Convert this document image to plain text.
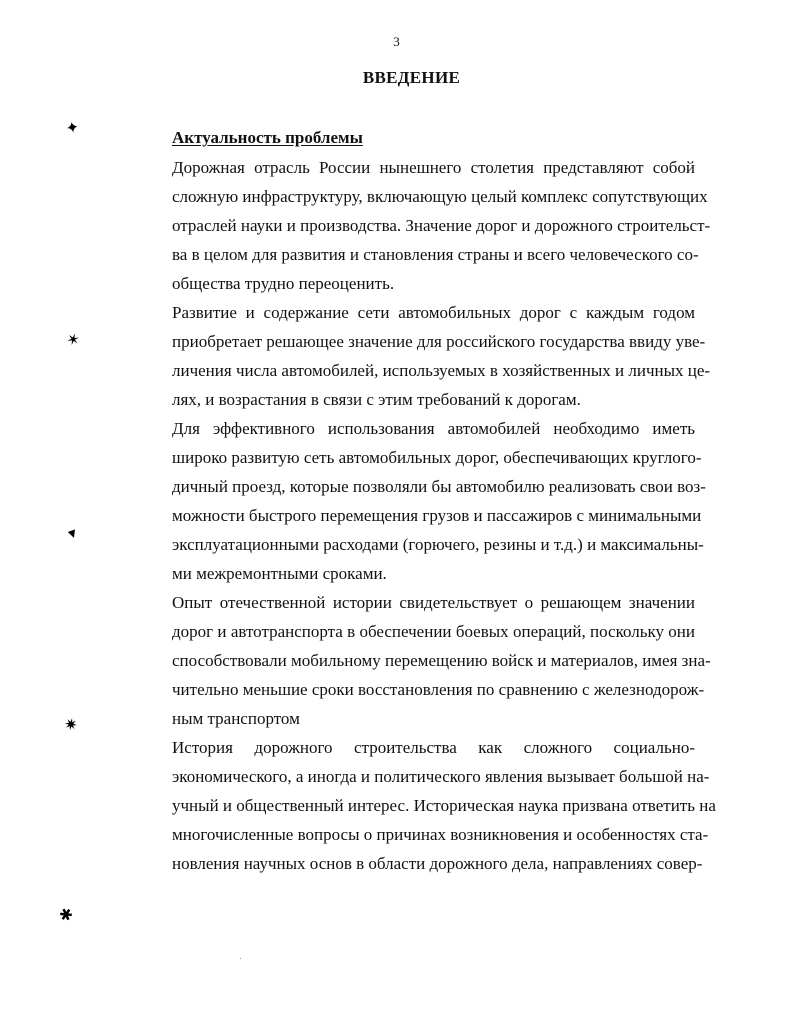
3
ВВЕДЕНИЕ
Актуальность проблемы

Дорожная отрасль России нынешнего столетия представляют собой
сложную инфраструктуру, включающую целый комплекс сопутствующих
отраслей науки и производства. Значение дорог и дорожного строительст-
ва в целом для развития и становления страны и всего человеческого со-
общества трудно переоценить.

Развитие и содержание сети автомобильных дорог с каждым годом
приобретает решающее значение для российского государства ввиду уве-
личения числа автомобилей, используемых в хозяйственных и личных це-
лях, и возрастания в связи с этим требований к дорогам.

Для эффективного использования автомобилей необходимо иметь
широко развитую сеть автомобильных дорог, обеспечивающих круглого-
дичный проезд, которые позволяли бы автомобилю реализовать свои воз-
можности быстрого перемещения грузов и пассажиров с минимальными
эксплуатационными расходами (горючего, резины и т.д.) и максимальны-
ми межремонтными сроками.

Опыт отечественной истории свидетельствует о решающем значении
дорог и автотранспорта в обеспечении боевых операций, поскольку они
способствовали мобильному перемещению войск и материалов, имея зна-
чительно меньшие сроки восстановления по сравнению с железнодорож-
ным транспортом

История дорожного строительства как сложного социально-
экономического, а иногда и политического явления вызывает большой на-
учный и общественный интерес. Историческая наука призвана ответить на
многочисленные вопросы о причинах возникновения и особенностях ста-
новления научных основ в области дорожного дела, направлениях совер-

✦
✶
▼
✷
✱
